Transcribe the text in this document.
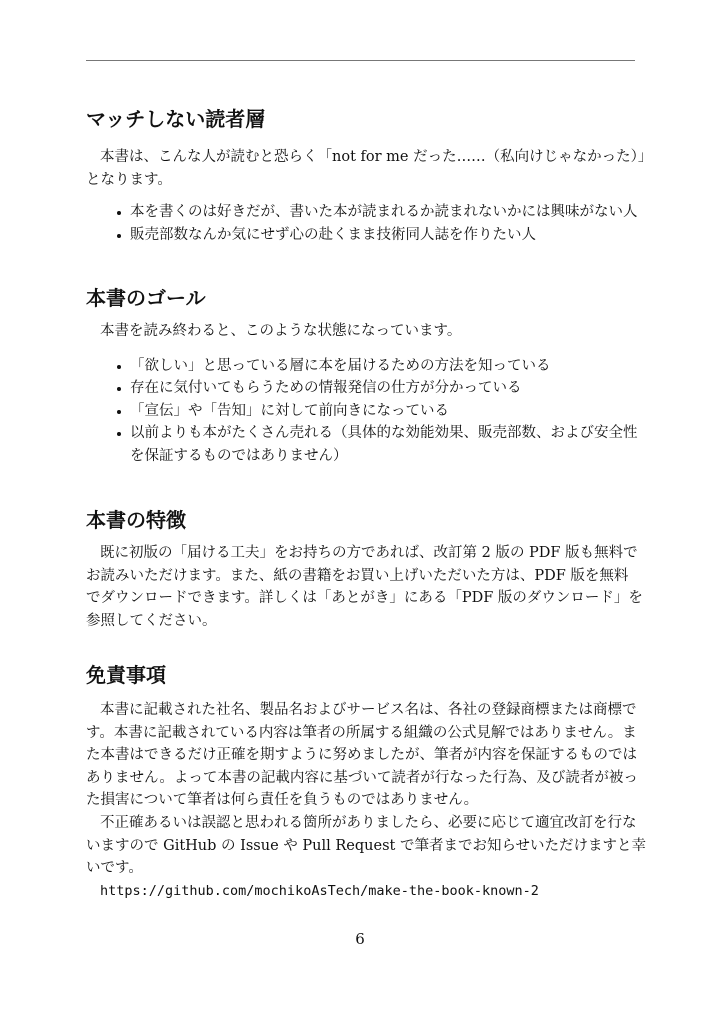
マッチしない読者層
本書は、こんな人が読むと恐らく「not for me だった……（私向けじゃなかった）」
となります。
本を書くのは好きだが、書いた本が読まれるか読まれないかには興味がない人
販売部数なんか気にせず心の赴くまま技術同人誌を作りたい人
本書のゴール
本書を読み終わると、このような状態になっています。
「欲しい」と思っている層に本を届けるための方法を知っている
存在に気付いてもらうための情報発信の仕方が分かっている
「宣伝」や「告知」に対して前向きになっている
以前よりも本がたくさん売れる（具体的な効能効果、販売部数、および安全性
を保証するものではありません）
本書の特徴
既に初版の「届ける工夫」をお持ちの方であれば、改訂第 2 版の PDF 版も無料で
お読みいただけます。また、紙の書籍をお買い上げいただいた方は、PDF 版を無料
でダウンロードできます。詳しくは「あとがき」にある「PDF 版のダウンロード」を
参照してください。
免責事項
本書に記載された社名、製品名およびサービス名は、各社の登録商標または商標で
す。本書に記載されている内容は筆者の所属する組織の公式見解ではありません。ま
た本書はできるだけ正確を期すように努めましたが、筆者が内容を保証するものでは
ありません。よって本書の記載内容に基づいて読者が行なった行為、及び読者が被っ
た損害について筆者は何ら責任を負うものではありません。
不正確あるいは誤認と思われる箇所がありましたら、必要に応じて適宜改訂を行な
いますので GitHub の Issue や Pull Request で筆者までお知らせいただけますと幸
いです。
https://github.com/mochikoAsTech/make-the-book-known-2
6
